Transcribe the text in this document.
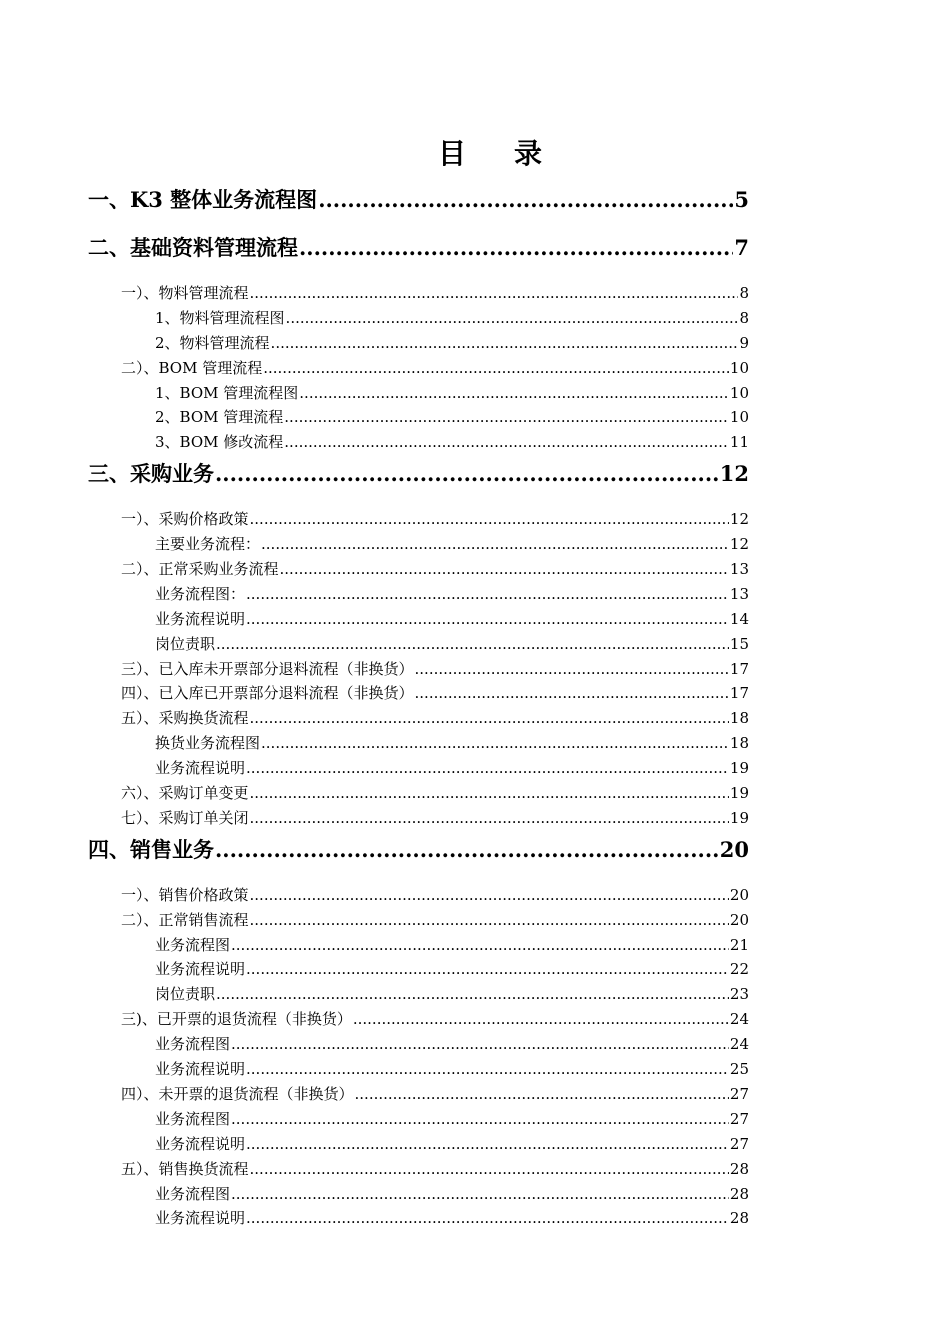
目 录
一、K3 整体业务流程图 .....	5
二、基础资料管理流程 .....	7
一）、物料管理流程 .....	8
1、物料管理流程图 .....	8
2、物料管理流程 .....	9
二）、BOM 管理流程 .....	10
1、BOM 管理流程图 .....	10
2、BOM 管理流程 .....	10
3、BOM 修改流程 .....	11
三、采购业务 .....	12
一）、采购价格政策 .....	12
主要业务流程： .....	12
二）、正常采购业务流程 .....	13
业务流程图： .....	13
业务流程说明 .....	14
岗位责职 .....	15
三）、已入库未开票部分退料流程（非换货） .....	17
四）、已入库已开票部分退料流程（非换货） .....	17
五）、采购换货流程 .....	18
换货业务流程图 .....	18
业务流程说明 .....	19
六）、采购订单变更 .....	19
七）、采购订单关闭 .....	19
四、销售业务 .....	20
一）、销售价格政策 .....	20
二）、正常销售流程 .....	20
业务流程图 .....	21
业务流程说明 .....	22
岗位责职 .....	23
三)、已开票的退货流程（非换货） .....	24
业务流程图 .....	24
业务流程说明 .....	25
四）、未开票的退货流程（非换货） .....	27
业务流程图 .....	27
业务流程说明 .....	27
五）、销售换货流程 .....	28
业务流程图 .....	28
业务流程说明 .....	28
